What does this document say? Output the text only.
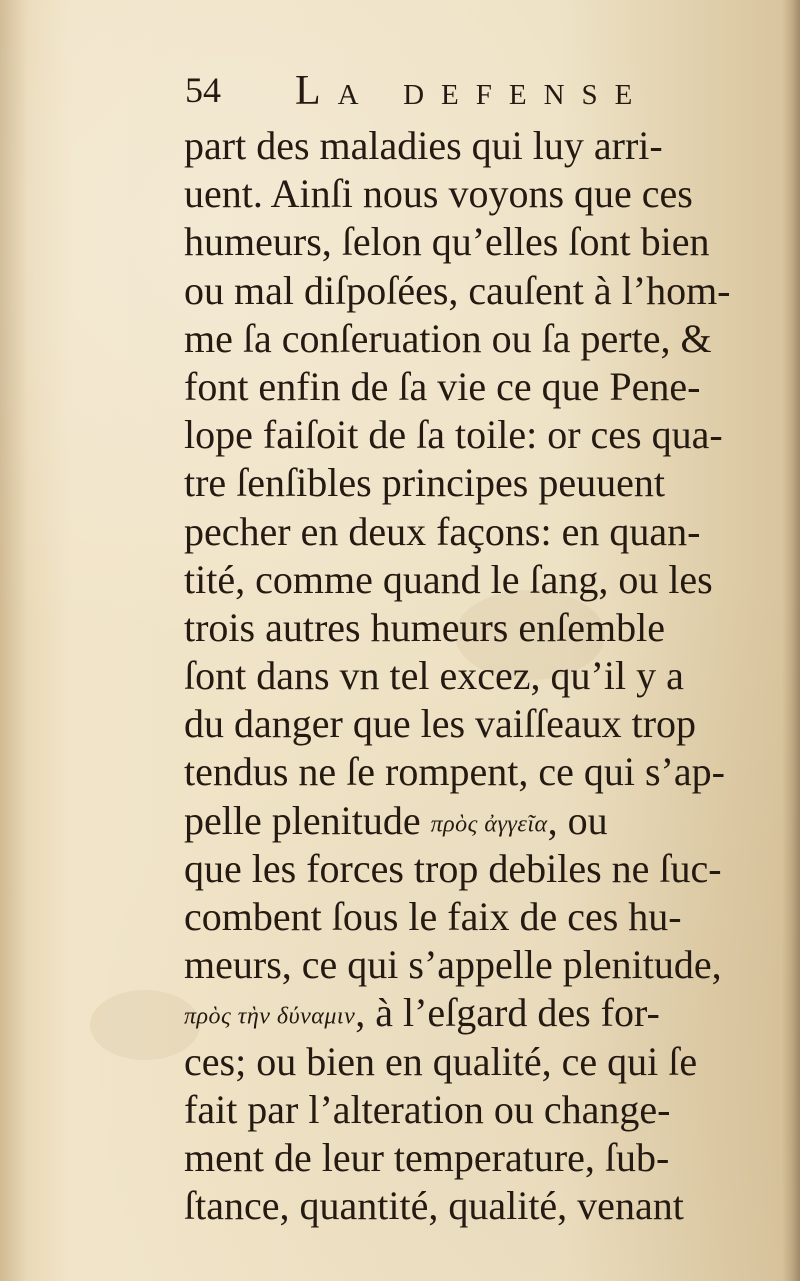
54 La defense
part des maladies qui luy arri-
uent. Ainſi nous voyons que ces
humeurs, ſelon qu’elles ſont bien
ou mal diſpoſées, cauſent à l’hom-
me ſa conſeruation ou ſa perte, &
font enfin de ſa vie ce que Pene-
lope faiſoit de ſa toile: or ces qua-
tre ſenſibles principes peuuent
pecher en deux façons: en quan-
tité, comme quand le ſang, ou les
trois autres humeurs enſemble
ſont dans vn tel excez, qu’il y a
du danger que les vaiſſeaux trop
tendus ne ſe rompent, ce qui s’ap-
pelle plenitude πρὸς ἀγγεῖα, ou
que les forces trop debiles ne ſuc-
combent ſous le faix de ces hu-
meurs, ce qui s’appelle plenitude,
πρὸς τὴν δύναμιν, à l’eſgard des for-
ces; ou bien en qualité, ce qui ſe
fait par l’alteration ou change-
ment de leur temperature, ſub-
ſtance, quantité, qualité, venant
